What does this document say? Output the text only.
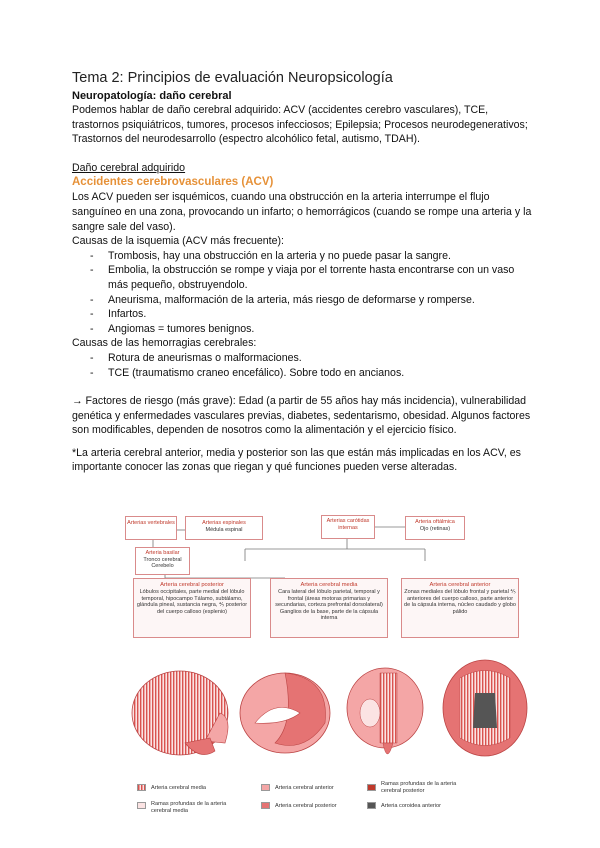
Tema 2: Principios de evaluación Neuropsicología

Neuropatología: daño cerebral

Podemos hablar de daño cerebral adquirido: ACV (accidentes cerebro vasculares), TCE, trastornos psiquiátricos, tumores, procesos infecciosos; Epilepsia; Procesos neurodegenerativos; Trastornos del neurodesarrollo (espectro alcohólico fetal, autismo, TDAH).

Daño cerebral adquirido

Accidentes cerebrovasculares (ACV)

Los ACV pueden ser isquémicos, cuando una obstrucción en la arteria interrumpe el flujo sanguíneo en una zona, provocando un infarto; o hemorrágicos (cuando se rompe una arteria y la sangre sale del vaso).

Causas de la isquemia (ACV más frecuente):

- Trombosis, hay una obstrucción en la arteria y no puede pasar la sangre.
- Embolia, la obstrucción se rompe y viaja por el torrente hasta encontrarse con un vaso más pequeño, obstruyendolo.
- Aneurisma, malformación de la arteria, más riesgo de deformarse y romperse.
- Infartos.
- Angiomas = tumores benignos.

Causas de las hemorragias cerebrales:

- Rotura de aneurismas o malformaciones.
- TCE (traumatismo craneo encefálico). Sobre todo en ancianos.

→ Factores de riesgo (más grave): Edad (a partir de 55 años hay más incidencia), vulnerabilidad genética y enfermedades vasculares previas, diabetes, sedentarismo, obesidad. Algunos factores son modificables, dependen de nosotros como la alimentación y el ejercicio físico.

*La arteria cerebral anterior, media y posterior son las que están más implicadas en los ACV, es importante conocer las zonas que riegan y qué funciones pueden verse alteradas.

Arterias vertebrales	Arterias espinales
Médula espinal
Arteria basilar
Tronco cerebral
Cerebelo
Arterias carótidas internas
Arteria oftálmica
Ojo (retinas)
Arteria cerebral posterior
Lóbulos occipitales, parte medial del lóbulo temporal, hipocampo Tálamo, subtálamo, glándula pineal, sustancia negra, ⅘ posterior del cuerpo calloso (esplenio)
Arteria cerebral media
Cara lateral del lóbulo parietal, temporal y frontal (áreas motoras primarias y secundarias, corteza prefrontal dorsolateral) Ganglios de la base, parte de la cápsula interna
Arteria cerebral anterior
Zonas mediales del lóbulo frontal y parietal ⅘ anteriores del cuerpo calloso, parte anterior de la cápsula interna, núcleo caudado y globo pálido
Arteria cerebral media
Ramas profundas de la arteria cerebral media
Arteria cerebral anterior
Arteria cerebral posterior
Ramas profundas de la arteria cerebral posterior
Arteria coroidea anterior
